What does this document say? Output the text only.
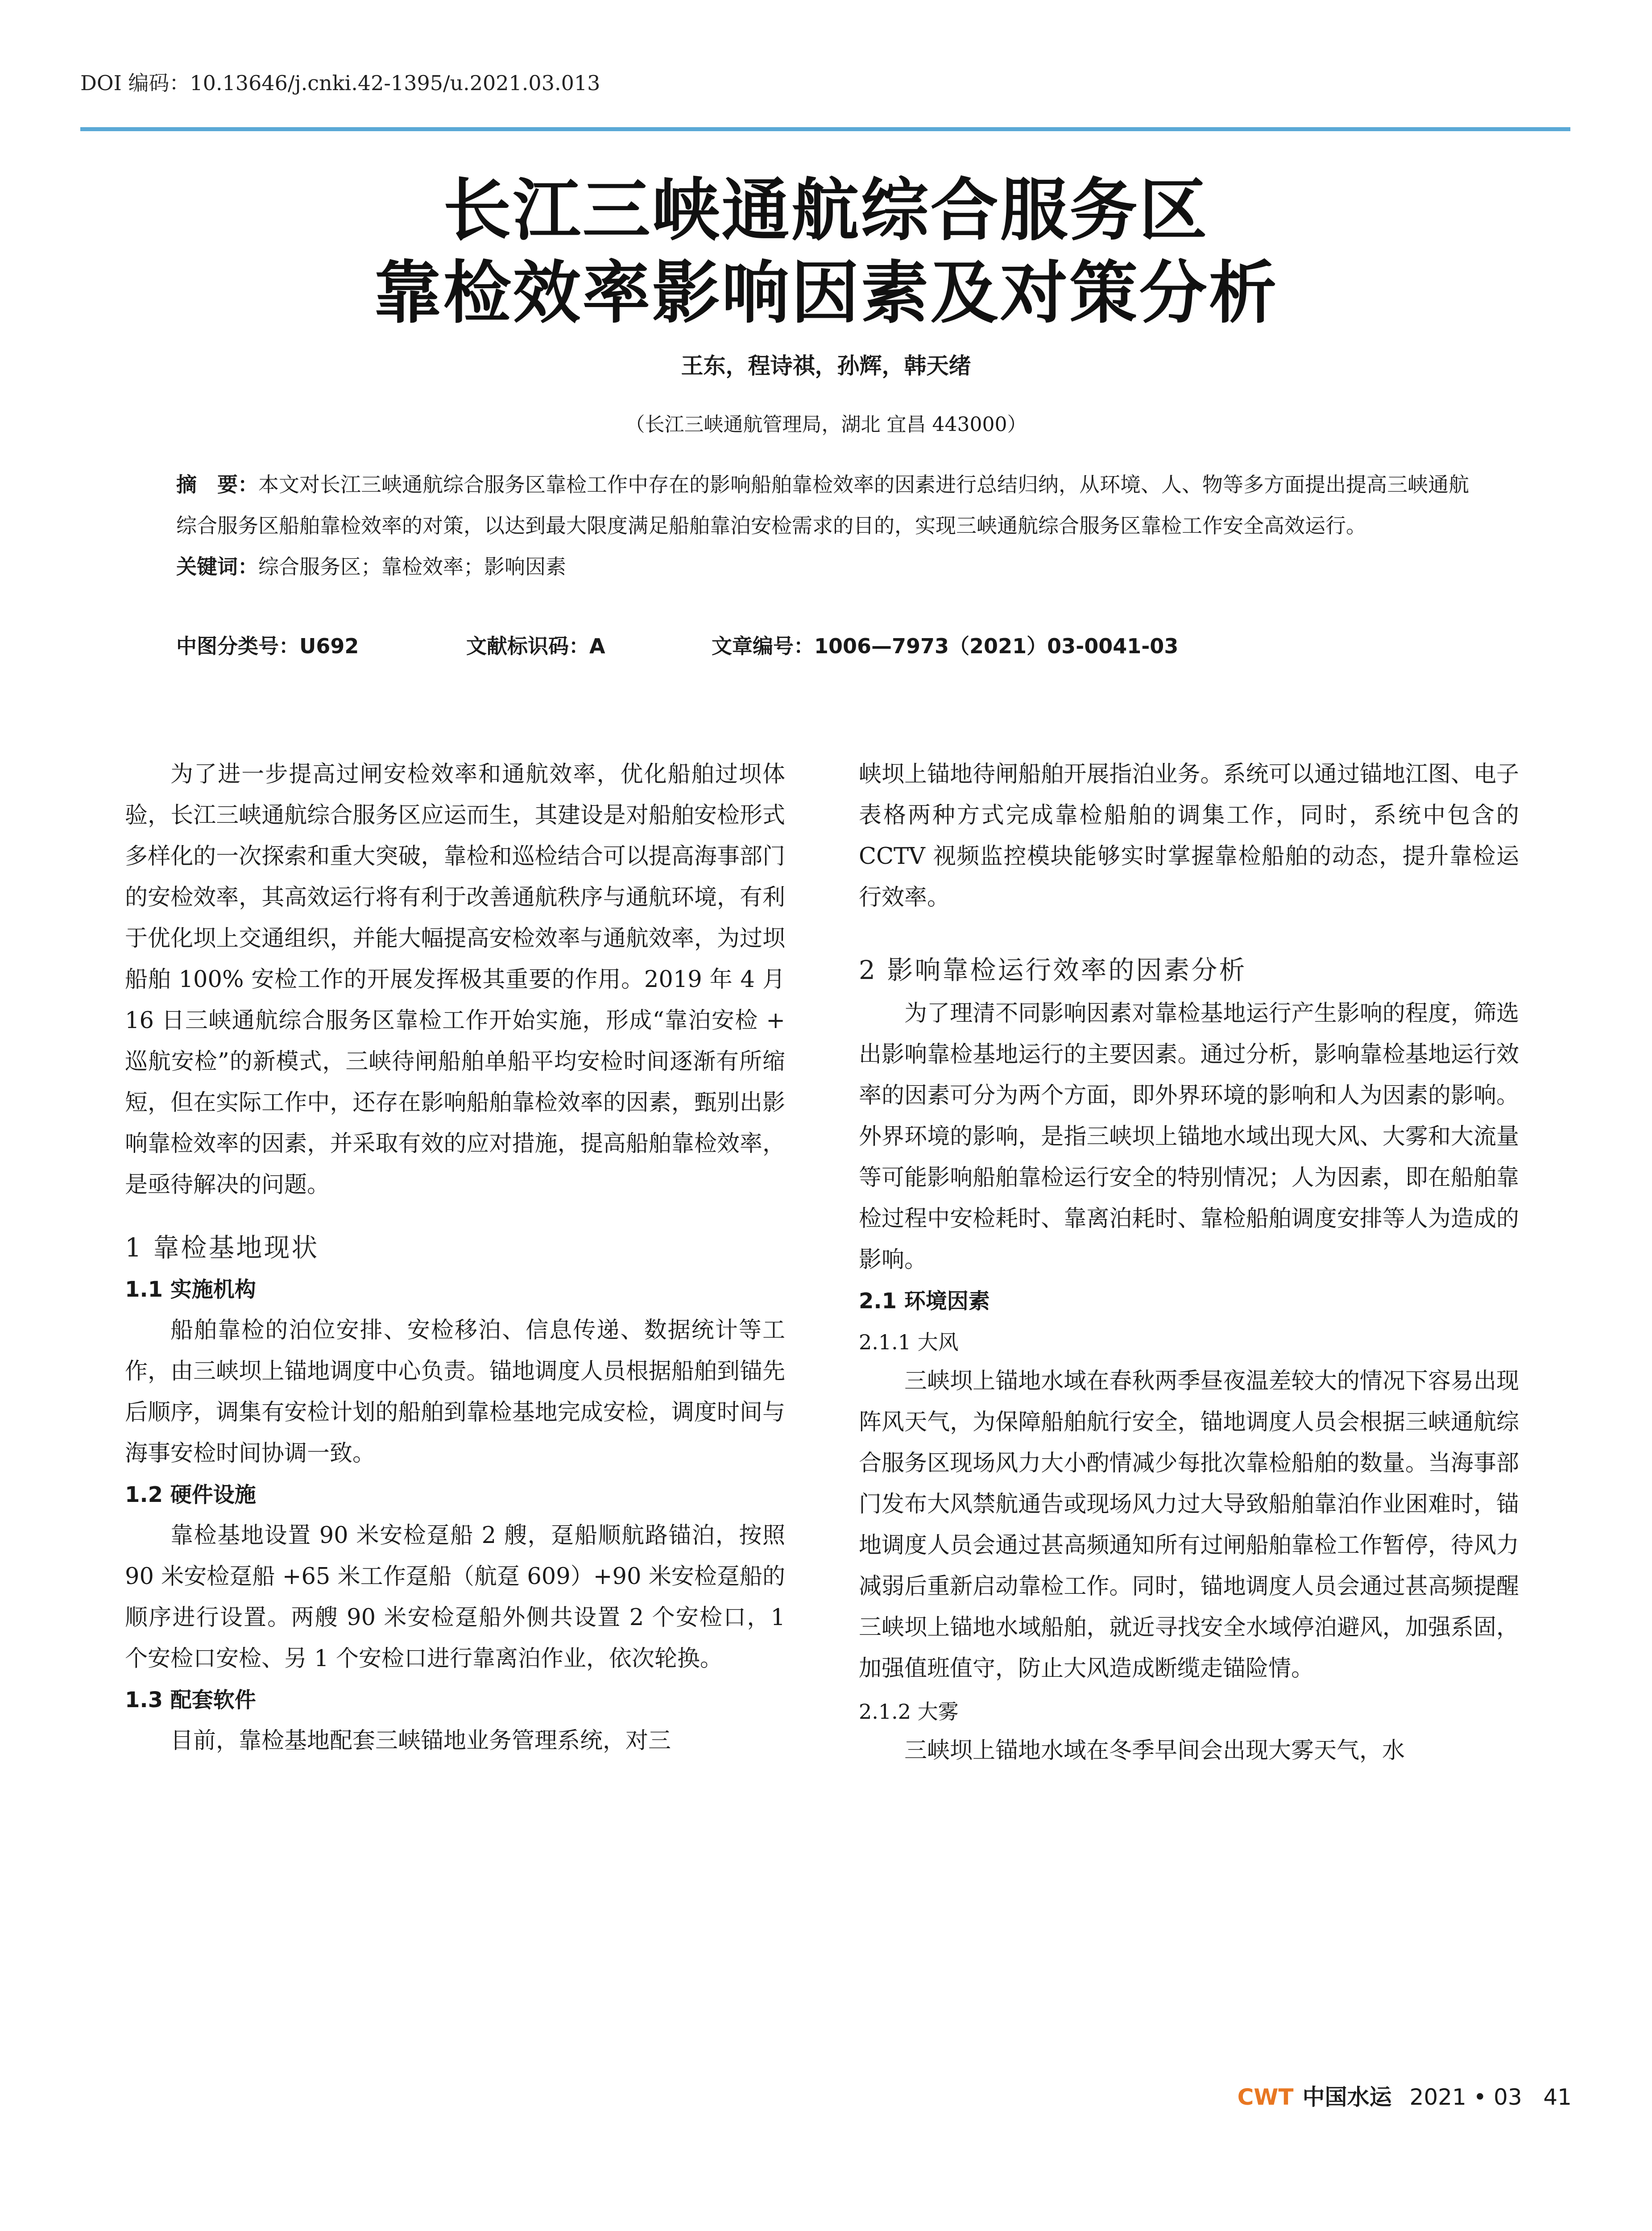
DOI 编码：10.13646/j.cnki.42-1395/u.2021.03.013
长江三峡通航综合服务区
靠检效率影响因素及对策分析
王东，程诗祺，孙辉，韩天绪
（长江三峡通航管理局，湖北 宜昌 443000）
摘　要：本文对长江三峡通航综合服务区靠检工作中存在的影响船舶靠检效率的因素进行总结归纳，从环境、人、物等多方面提出提高三峡通航综合服务区船舶靠检效率的对策，以达到最大限度满足船舶靠泊安检需求的目的，实现三峡通航综合服务区靠检工作安全高效运行。
关键词：综合服务区；靠检效率；影响因素
中图分类号：U692	文献标识码：A	文章编号：1006—7973（2021）03-0041-03

为了进一步提高过闸安检效率和通航效率，优化船舶过坝体验，长江三峡通航综合服务区应运而生，其建设是对船舶安检形式多样化的一次探索和重大突破，靠检和巡检结合可以提高海事部门的安检效率，其高效运行将有利于改善通航秩序与通航环境，有利于优化坝上交通组织，并能大幅提高安检效率与通航效率，为过坝船舶 100% 安检工作的开展发挥极其重要的作用。2019 年 4 月 16 日三峡通航综合服务区靠检工作开始实施，形成“靠泊安检 + 巡航安检”的新模式，三峡待闸船舶单船平均安检时间逐渐有所缩短，但在实际工作中，还存在影响船舶靠检效率的因素，甄别出影响靠检效率的因素，并采取有效的应对措施，提高船舶靠检效率，是亟待解决的问题。

1 靠检基地现状
1.1 实施机构

船舶靠检的泊位安排、安检移泊、信息传递、数据统计等工作，由三峡坝上锚地调度中心负责。锚地调度人员根据船舶到锚先后顺序，调集有安检计划的船舶到靠检基地完成安检，调度时间与海事安检时间协调一致。

1.2 硬件设施

靠检基地设置 90 米安检趸船 2 艘，趸船顺航路锚泊，按照 90 米安检趸船 +65 米工作趸船（航趸 609）+90 米安检趸船的顺序进行设置。两艘 90 米安检趸船外侧共设置 2 个安检口，1 个安检口安检、另 1 个安检口进行靠离泊作业，依次轮换。

1.3 配套软件

目前，靠检基地配套三峡锚地业务管理系统，对三

峡坝上锚地待闸船舶开展指泊业务。系统可以通过锚地江图、电子表格两种方式完成靠检船舶的调集工作，同时，系统中包含的 CCTV 视频监控模块能够实时掌握靠检船舶的动态，提升靠检运行效率。

2 影响靠检运行效率的因素分析

为了理清不同影响因素对靠检基地运行产生影响的程度，筛选出影响靠检基地运行的主要因素。通过分析，影响靠检基地运行效率的因素可分为两个方面，即外界环境的影响和人为因素的影响。外界环境的影响，是指三峡坝上锚地水域出现大风、大雾和大流量等可能影响船舶靠检运行安全的特别情况；人为因素，即在船舶靠检过程中安检耗时、靠离泊耗时、靠检船舶调度安排等人为造成的影响。

2.1 环境因素
2.1.1 大风

三峡坝上锚地水域在春秋两季昼夜温差较大的情况下容易出现阵风天气，为保障船舶航行安全，锚地调度人员会根据三峡通航综合服务区现场风力大小酌情减少每批次靠检船舶的数量。当海事部门发布大风禁航通告或现场风力过大导致船舶靠泊作业困难时，锚地调度人员会通过甚高频通知所有过闸船舶靠检工作暂停，待风力减弱后重新启动靠检工作。同时，锚地调度人员会通过甚高频提醒三峡坝上锚地水域船舶，就近寻找安全水域停泊避风，加强系固，加强值班值守，防止大风造成断缆走锚险情。

2.1.2 大雾

三峡坝上锚地水域在冬季早间会出现大雾天气，水

CWT 中国水运 2021 • 03 41
